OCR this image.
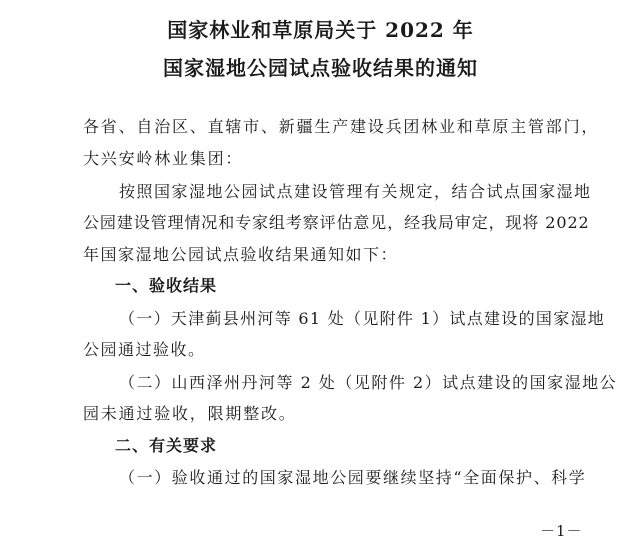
国家林业和草原局关于 2022 年
国家湿地公园试点验收结果的通知
各省、自治区、直辖市、新疆生产建设兵团林业和草原主管部门，
大兴安岭林业集团：
按照国家湿地公园试点建设管理有关规定，结合试点国家湿地
公园建设管理情况和专家组考察评估意见，经我局审定，现将 2022
年国家湿地公园试点验收结果通知如下：
一、验收结果
（一）天津蓟县州河等 61 处（见附件 1）试点建设的国家湿地
公园通过验收。
（二）山西泽州丹河等 2 处（见附件 2）试点建设的国家湿地公
园未通过验收，限期整改。
二、有关要求
（一）验收通过的国家湿地公园要继续坚持“全面保护、科学
－1－
